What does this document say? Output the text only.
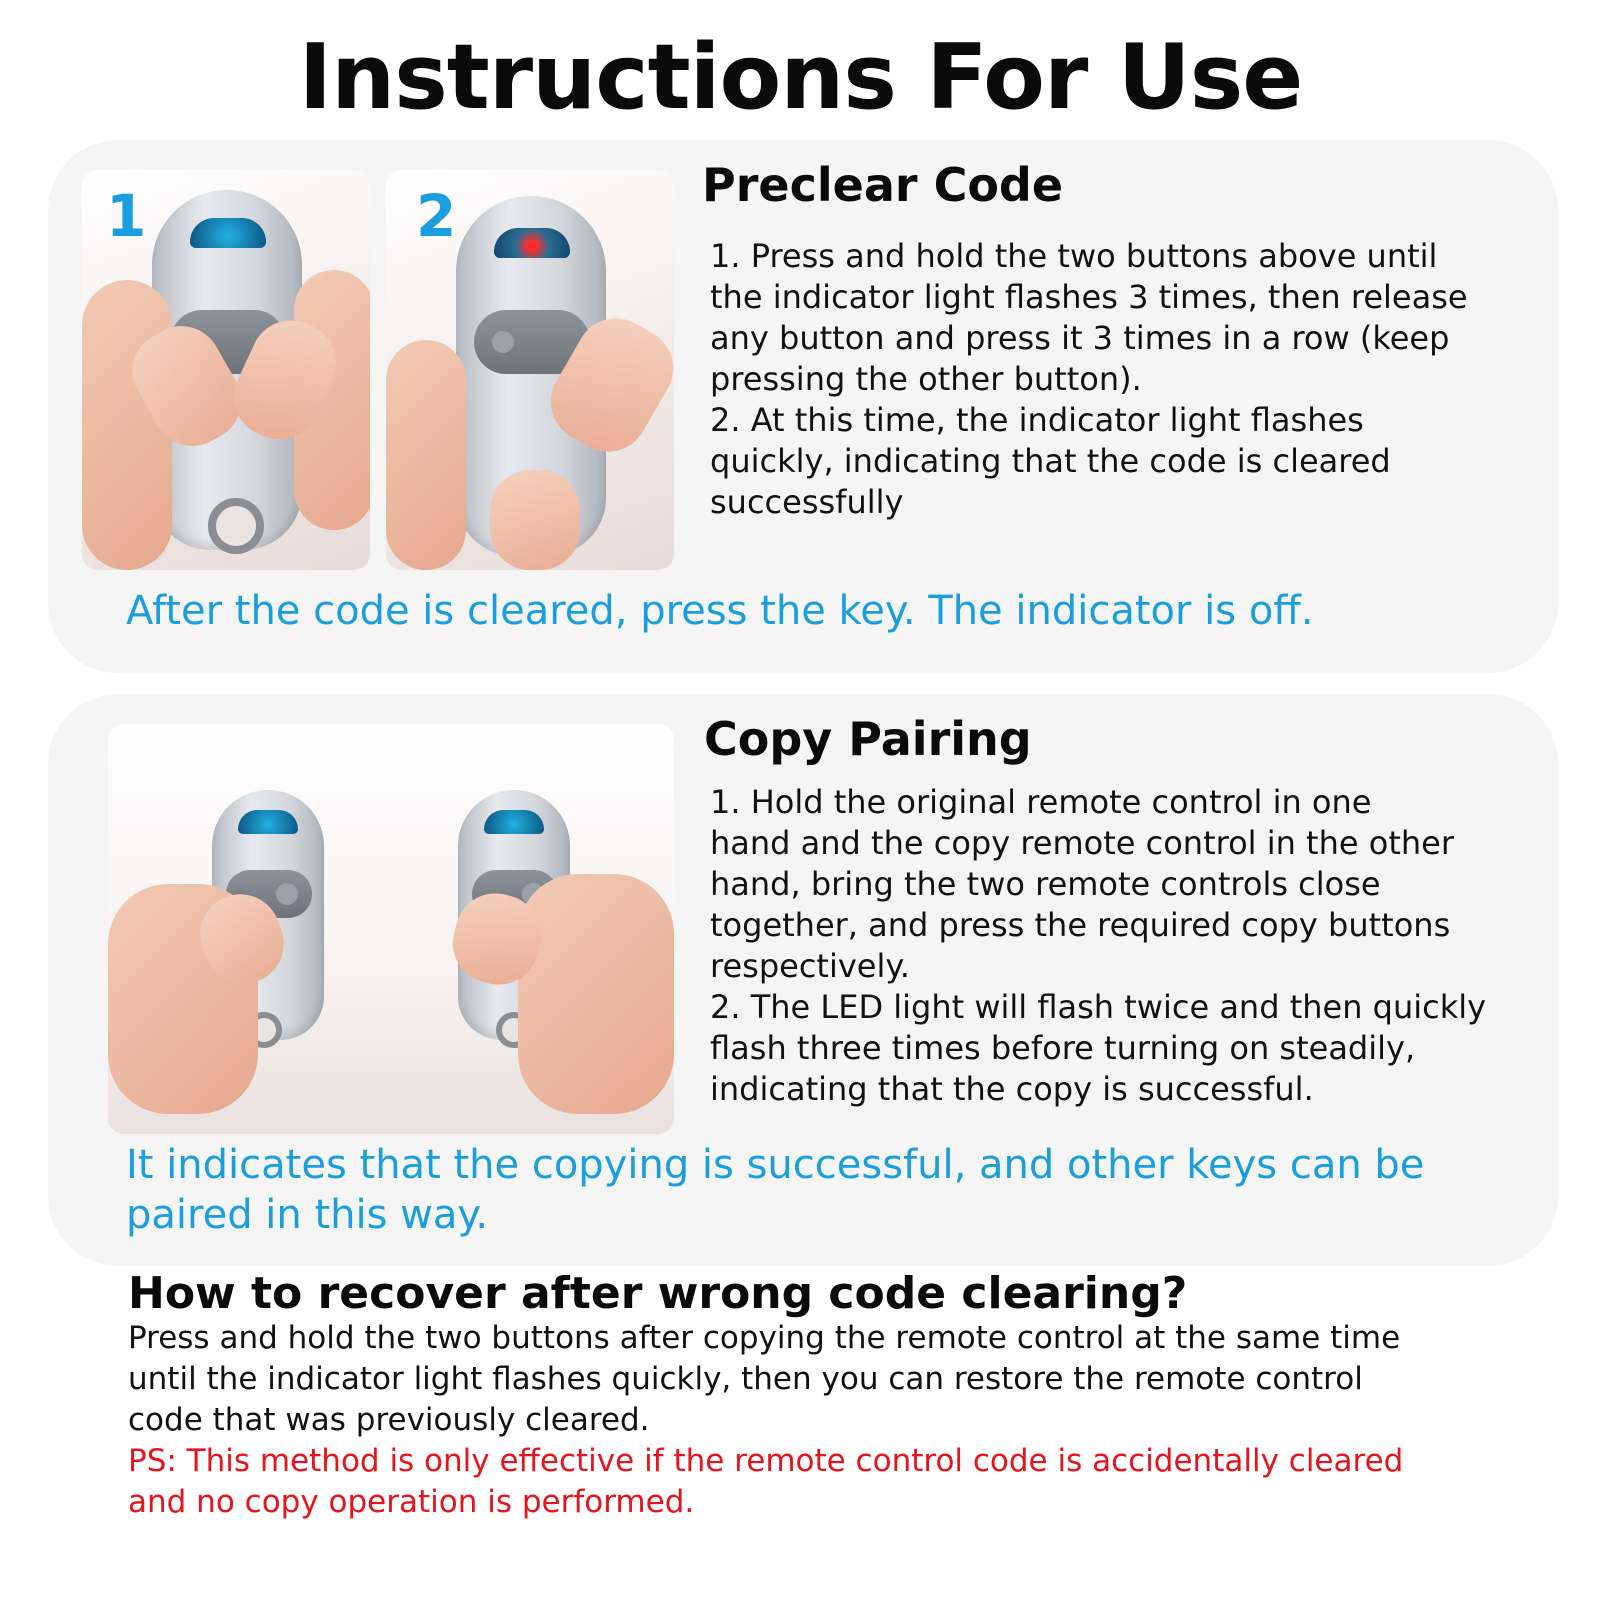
Instructions For Use
1	2	Preclear Code
1. Press and hold the two buttons above until
the indicator light flashes 3 times, then release
any button and press it 3 times in a row (keep
pressing the other button).
2. At this time, the indicator light flashes
quickly, indicating that the code is cleared
successfully
After the code is cleared, press the key. The indicator is off.
Copy Pairing
1. Hold the original remote control in one
hand and the copy remote control in the other
hand, bring the two remote controls close
together, and press the required copy buttons
respectively.
2. The LED light will flash twice and then quickly
flash three times before turning on steadily,
indicating that the copy is successful.
It indicates that the copying is successful, and other keys can be
paired in this way.
How to recover after wrong code clearing?
Press and hold the two buttons after copying the remote control at the same time
until the indicator light flashes quickly, then you can restore the remote control
code that was previously cleared.
PS: This method is only effective if the remote control code is accidentally cleared
and no copy operation is performed.
